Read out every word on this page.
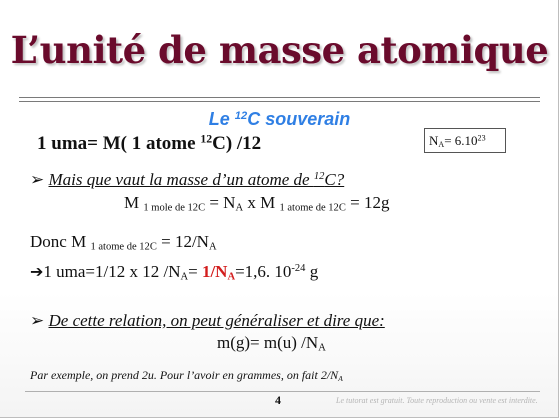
L’unité de masse atomique
Le $^{12}$C souverain
1 uma= M( 1 atome $^{12}$C) /12	$N_A= 6.10^{23}$
➢ Mais que vaut la masse d’un atome de $^{12}$C?
M $_{1 mole de 12C} = N_A$ x M $_{1 atome de 12C}$ = 12g
Donc M $_{1 atome de 12C} = 12/N_A$
➔1 uma=1/12 x 12 $/N_A= 1/N_A=1,6$. $10^{-24}$ g
➢ De cette relation, on peut généraliser et dire que:
m(g)= m(u) $/N_A$
Par exemple, on prend 2u. Pour l’avoir en grammes, on fait $2/N_A$
4	Le tutorat est gratuit. Toute reproduction ou vente est interdite.
